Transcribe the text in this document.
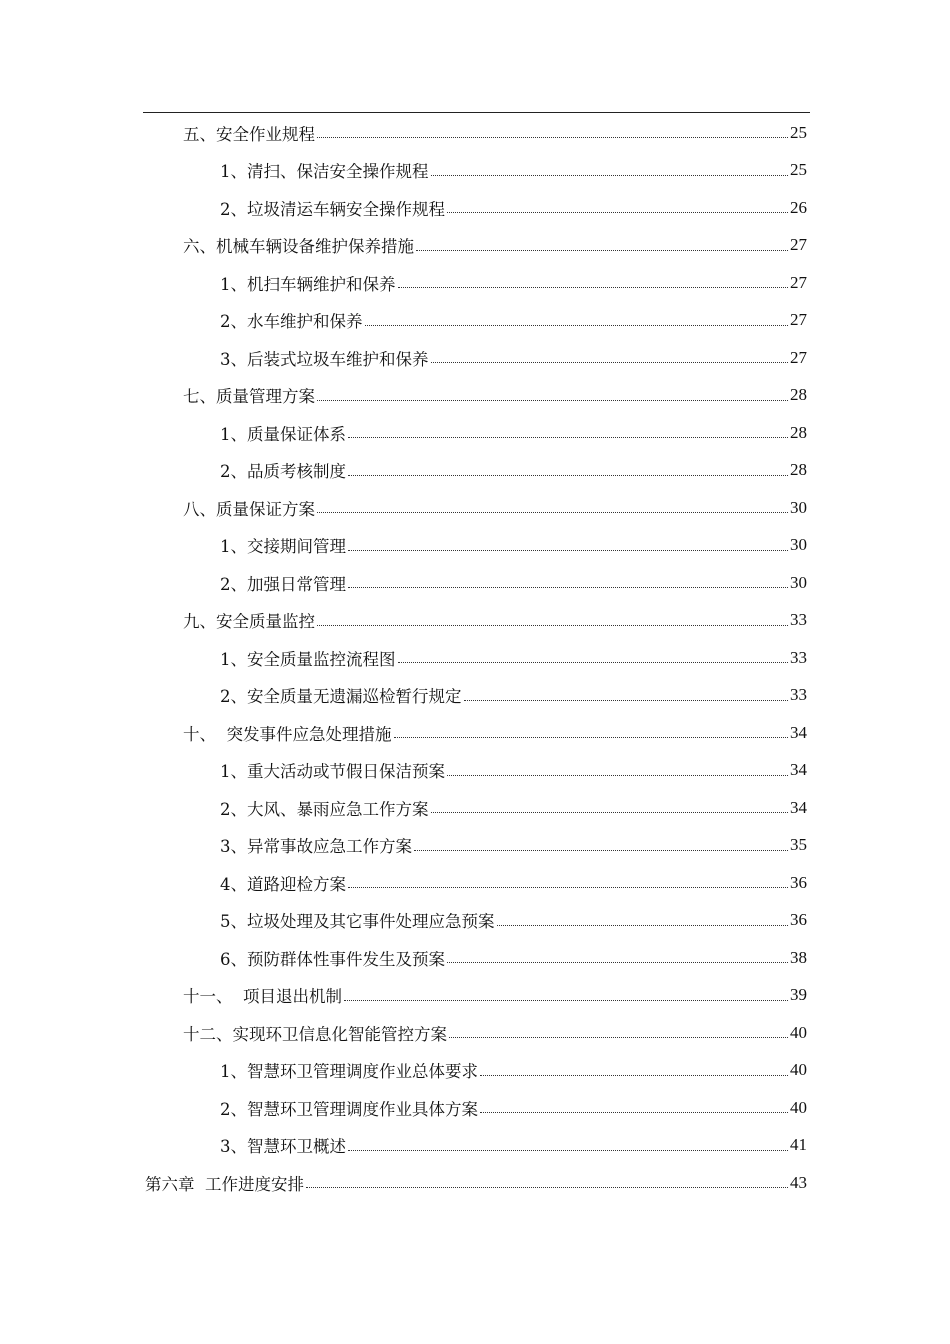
五、安全作业规程	25
1、清扫、保洁安全操作规程	25
2、垃圾清运车辆安全操作规程	26
六、机械车辆设备维护保养措施	27
1、机扫车辆维护和保养	27
2、水车维护和保养	27
3、后装式垃圾车维护和保养	27
七、质量管理方案	28
1、质量保证体系	28
2、品质考核制度	28
八、质量保证方案	30
1、交接期间管理	30
2、加强日常管理	30
九、安全质量监控	33
1、安全质量监控流程图	33
2、安全质量无遗漏巡检暂行规定	33
十、  突发事件应急处理措施	34
1、重大活动或节假日保洁预案	34
2、大风、暴雨应急工作方案	34
3、异常事故应急工作方案	35
4、道路迎检方案	36
5、垃圾处理及其它事件处理应急预案	36
6、预防群体性事件发生及预案	38
十一、  项目退出机制	39
十二、实现环卫信息化智能管控方案	40
1、智慧环卫管理调度作业总体要求	40
2、智慧环卫管理调度作业具体方案	40
3、智慧环卫概述	41
第六章  工作进度安排	43
